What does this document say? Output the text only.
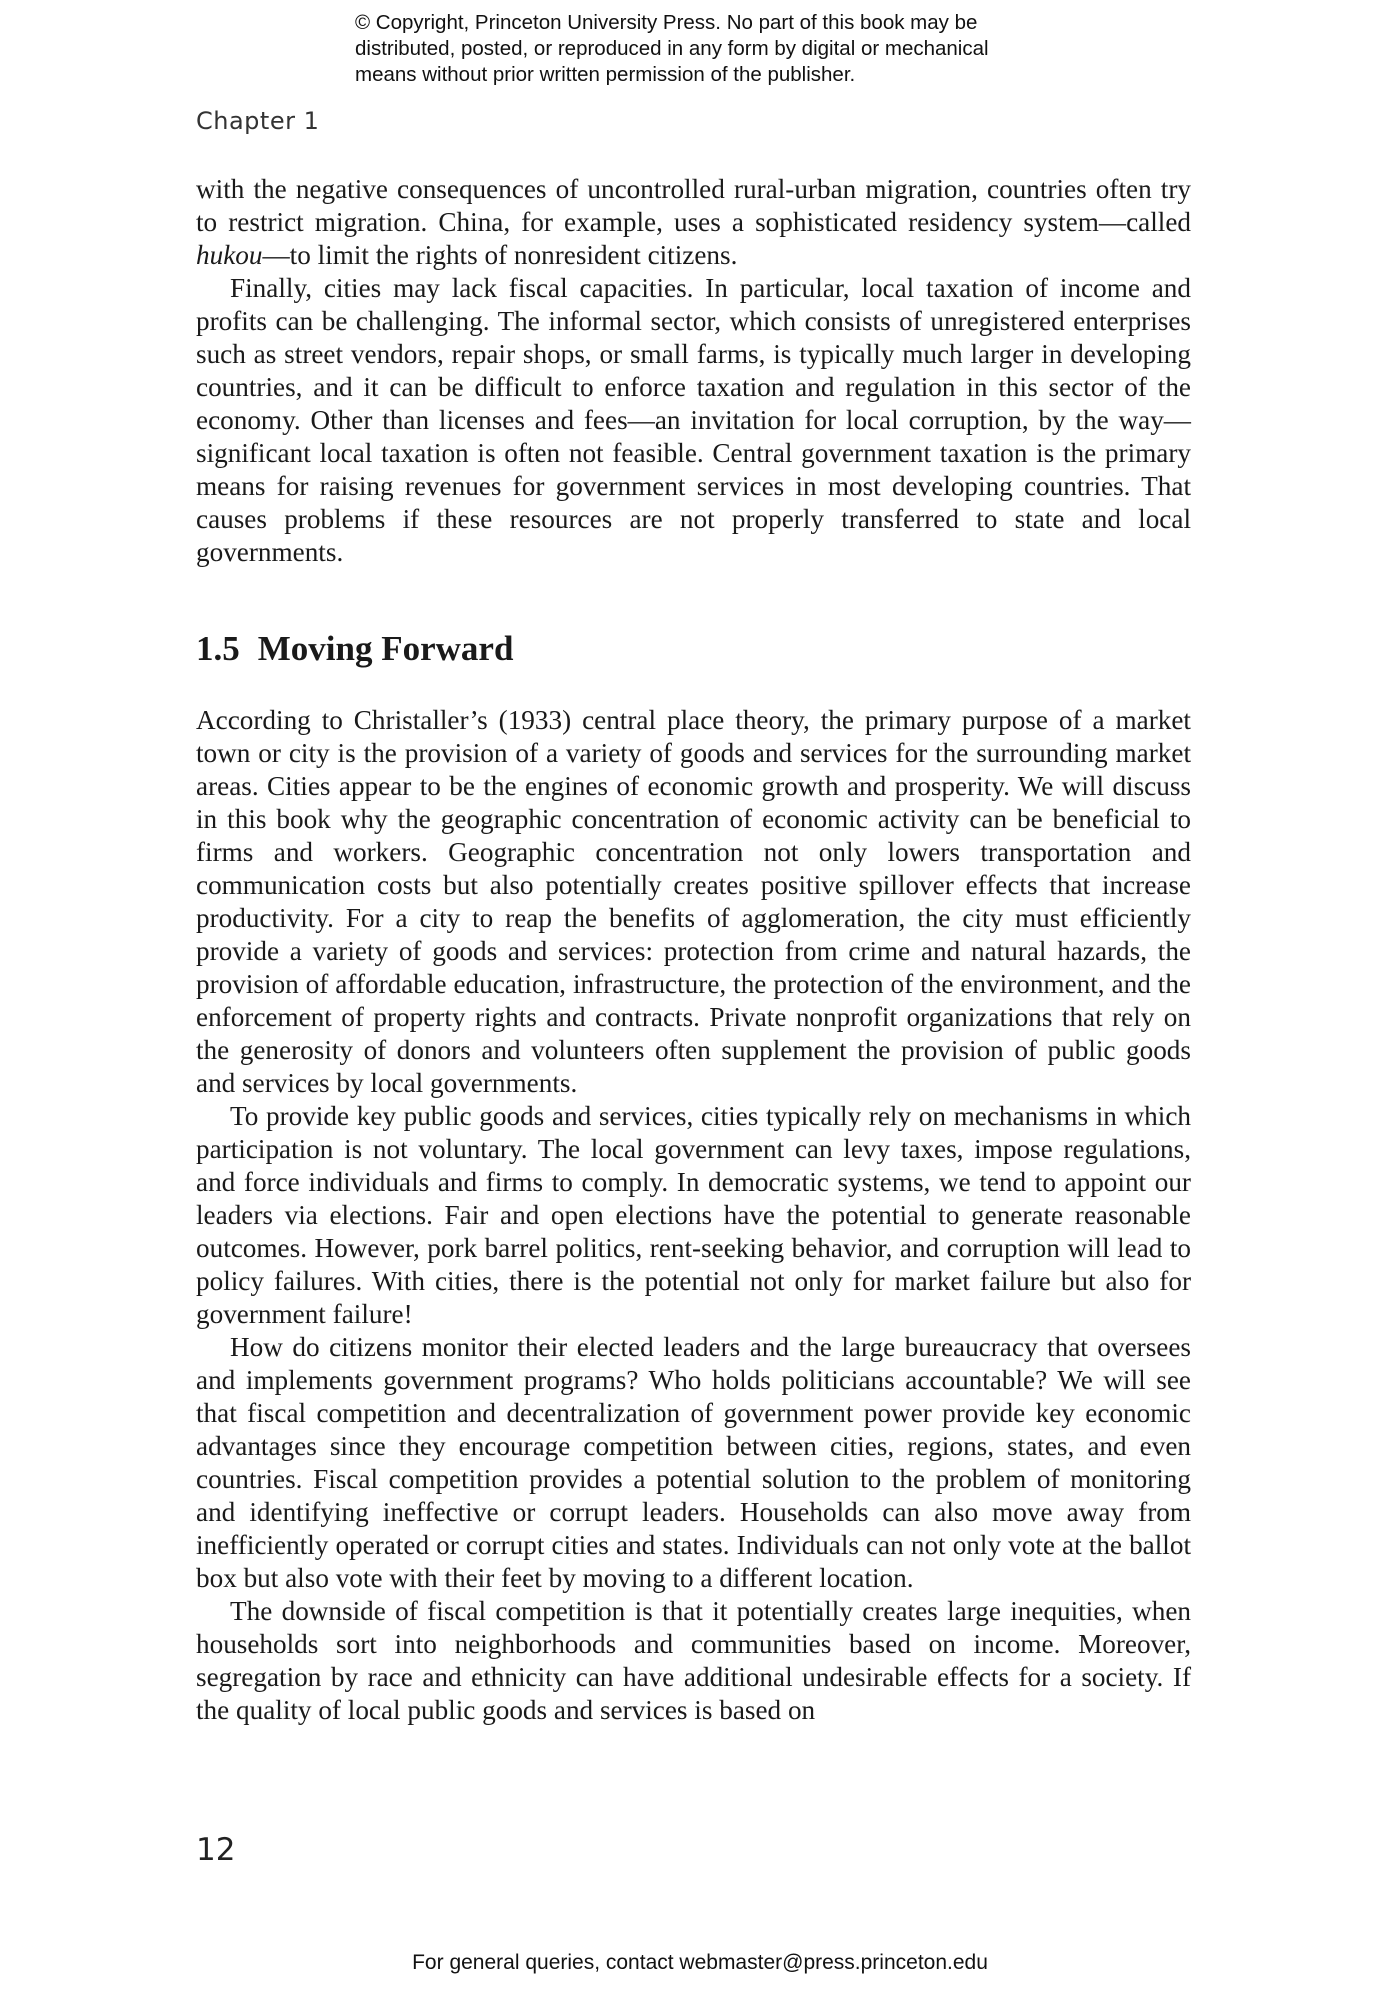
© Copyright, Princeton University Press. No part of this book may be
distributed, posted, or reproduced in any form by digital or mechanical
means without prior written permission of the publisher.
Chapter 1

with the negative consequences of uncontrolled rural-urban migration, countries often try to restrict migration. China, for example, uses a sophisticated residency system—called hukou—to limit the rights of nonresident citizens.

Finally, cities may lack fiscal capacities. In particular, local taxation of income and profits can be challenging. The informal sector, which consists of unregistered enterprises such as street vendors, repair shops, or small farms, is typically much larger in developing countries, and it can be difficult to enforce taxation and regulation in this sector of the economy. Other than licenses and fees—an invitation for local corruption, by the way—significant local taxation is often not feasible. Central government taxation is the primary means for raising revenues for government services in most developing countries. That causes problems if these resources are not properly transferred to state and local governments.

1.5 Moving Forward

According to Christaller’s (1933) central place theory, the primary purpose of a market town or city is the provision of a variety of goods and services for the surrounding market areas. Cities appear to be the engines of economic growth and prosperity. We will discuss in this book why the geographic concentration of economic activity can be beneficial to firms and workers. Geographic concentration not only lowers transportation and communication costs but also potentially creates positive spillover effects that increase productivity. For a city to reap the benefits of agglomeration, the city must efficiently provide a variety of goods and services: protection from crime and natural hazards, the provision of affordable education, infrastructure, the protection of the environment, and the enforcement of property rights and contracts. Private nonprofit organizations that rely on the generosity of donors and volunteers often supplement the provision of public goods and services by local governments.

To provide key public goods and services, cities typically rely on mechanisms in which participation is not voluntary. The local government can levy taxes, impose regulations, and force individuals and firms to comply. In democratic systems, we tend to appoint our leaders via elections. Fair and open elections have the potential to generate reasonable outcomes. However, pork barrel politics, rent-seeking behavior, and corruption will lead to policy failures. With cities, there is the potential not only for market failure but also for government failure!

How do citizens monitor their elected leaders and the large bureaucracy that oversees and implements government programs? Who holds politicians accountable? We will see that fiscal competition and decentralization of government power provide key economic advantages since they encourage competition between cities, regions, states, and even countries. Fiscal competition provides a potential solution to the problem of monitoring and identifying ineffective or corrupt leaders. Households can also move away from inefficiently operated or corrupt cities and states. Individuals can not only vote at the ballot box but also vote with their feet by moving to a different location.

The downside of fiscal competition is that it potentially creates large inequities, when households sort into neighborhoods and communities based on income. Moreover, segregation by race and ethnicity can have additional undesirable effects for a society. If the quality of local public goods and services is based on

12
For general queries, contact webmaster@press.princeton.edu
